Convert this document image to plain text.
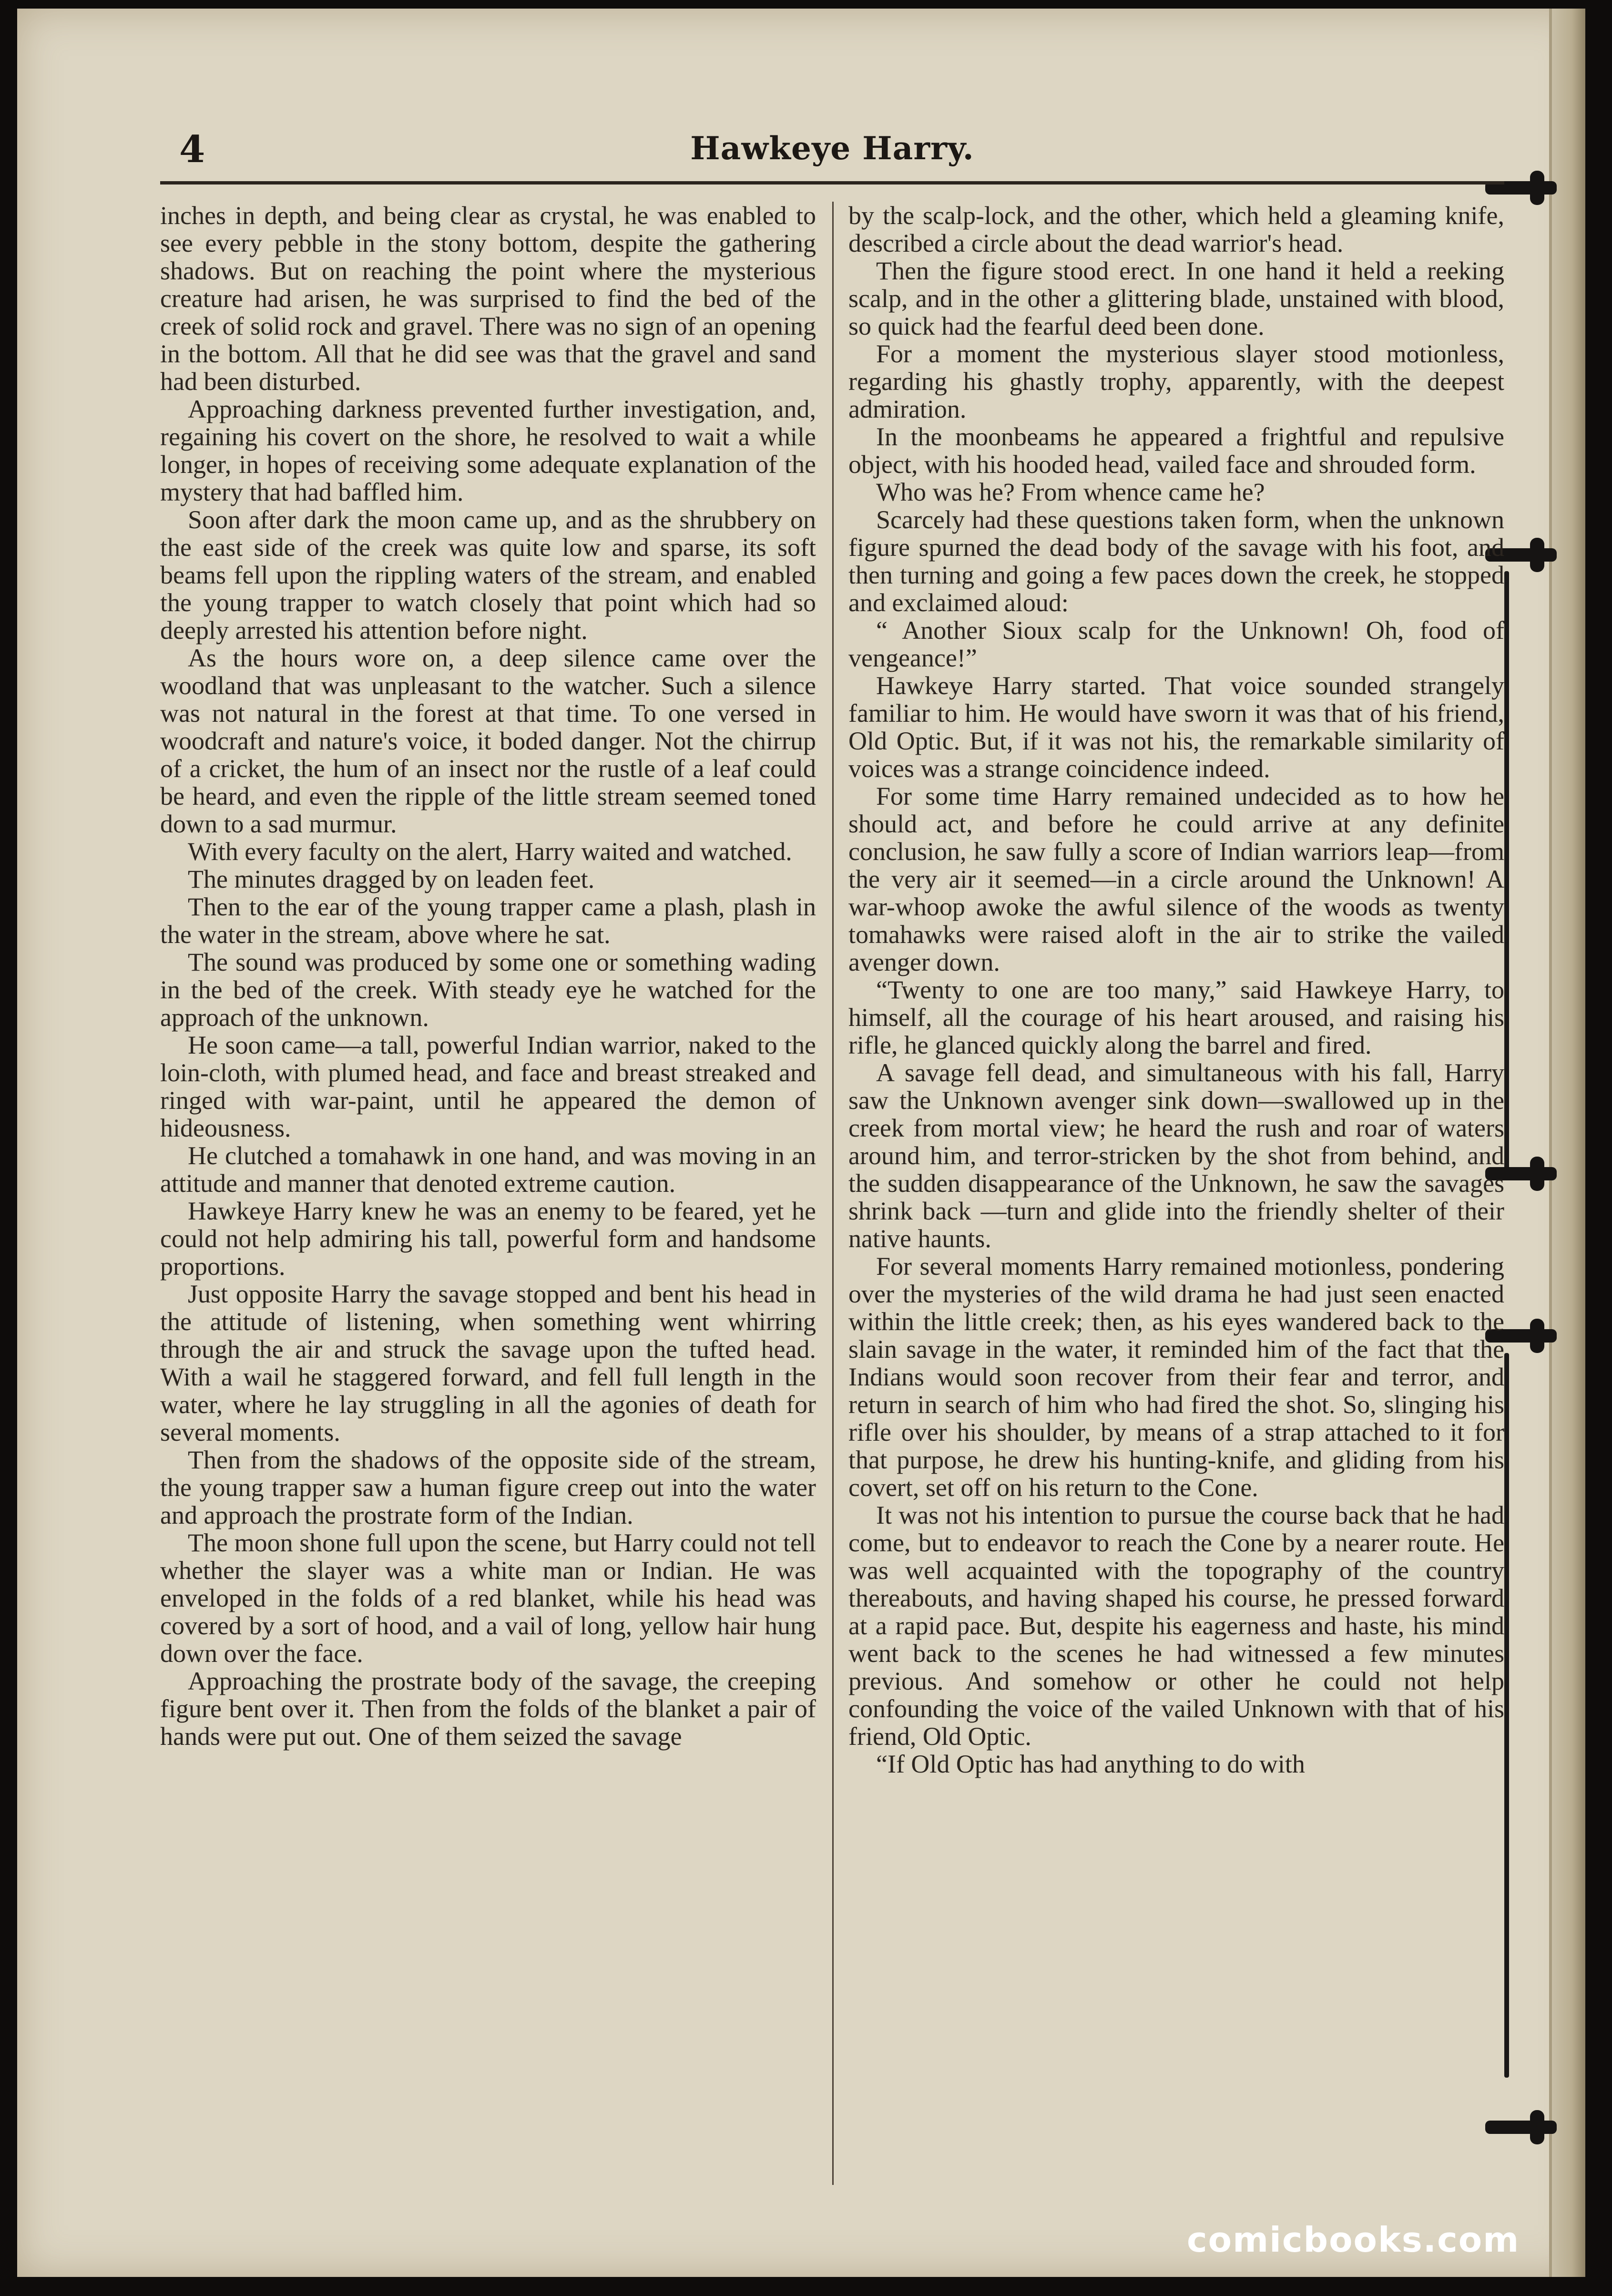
4	Hawkeye Harry.

inches in depth, and being clear as crystal, he was enabled to see every pebble in the stony bottom, despite the gathering shadows. But on reaching the point where the mysterious creature had arisen, he was surprised to find the bed of the creek of solid rock and gravel. There was no sign of an opening in the bottom. All that he did see was that the gravel and sand had been disturbed.

Approaching darkness prevented further investigation, and, regaining his covert on the shore, he resolved to wait a while longer, in hopes of receiving some adequate explanation of the mystery that had baffled him.

Soon after dark the moon came up, and as the shrubbery on the east side of the creek was quite low and sparse, its soft beams fell upon the rippling waters of the stream, and enabled the young trapper to watch closely that point which had so deeply arrested his attention before night.

As the hours wore on, a deep silence came over the woodland that was unpleasant to the watcher. Such a silence was not natural in the forest at that time. To one versed in woodcraft and nature's voice, it boded danger. Not the chirrup of a cricket, the hum of an insect nor the rustle of a leaf could be heard, and even the ripple of the little stream seemed toned down to a sad murmur.

With every faculty on the alert, Harry waited and watched.

The minutes dragged by on leaden feet.

Then to the ear of the young trapper came a plash, plash in the water in the stream, above where he sat.

The sound was produced by some one or something wading in the bed of the creek. With steady eye he watched for the approach of the unknown.

He soon came—a tall, powerful Indian warrior, naked to the loin-cloth, with plumed head, and face and breast streaked and ringed with war-paint, until he appeared the demon of hideousness.

He clutched a tomahawk in one hand, and was moving in an attitude and manner that denoted extreme caution.

Hawkeye Harry knew he was an enemy to be feared, yet he could not help admiring his tall, powerful form and handsome proportions.

Just opposite Harry the savage stopped and bent his head in the attitude of listening, when something went whirring through the air and struck the savage upon the tufted head. With a wail he staggered forward, and fell full length in the water, where he lay struggling in all the agonies of death for several moments.

Then from the shadows of the opposite side of the stream, the young trapper saw a human figure creep out into the water and approach the prostrate form of the Indian.

The moon shone full upon the scene, but Harry could not tell whether the slayer was a white man or Indian. He was enveloped in the folds of a red blanket, while his head was covered by a sort of hood, and a vail of long, yellow hair hung down over the face.

Approaching the prostrate body of the savage, the creeping figure bent over it. Then from the folds of the blanket a pair of hands were put out. One of them seized the savage

by the scalp-lock, and the other, which held a gleaming knife, described a circle about the dead warrior's head.

Then the figure stood erect. In one hand it held a reeking scalp, and in the other a glittering blade, unstained with blood, so quick had the fearful deed been done.

For a moment the mysterious slayer stood motionless, regarding his ghastly trophy, apparently, with the deepest admiration.

In the moonbeams he appeared a frightful and repulsive object, with his hooded head, vailed face and shrouded form.

Who was he? From whence came he?

Scarcely had these questions taken form, when the unknown figure spurned the dead body of the savage with his foot, and then turning and going a few paces down the creek, he stopped and exclaimed aloud:

“ Another Sioux scalp for the Unknown! Oh, food of vengeance!”

Hawkeye Harry started. That voice sounded strangely familiar to him. He would have sworn it was that of his friend, Old Optic. But, if it was not his, the remarkable similarity of voices was a strange coincidence indeed.

For some time Harry remained undecided as to how he should act, and before he could arrive at any definite conclusion, he saw fully a score of Indian warriors leap—from the very air it seemed—in a circle around the Unknown! A war-whoop awoke the awful silence of the woods as twenty tomahawks were raised aloft in the air to strike the vailed avenger down.

“Twenty to one are too many,” said Hawkeye Harry, to himself, all the courage of his heart aroused, and raising his rifle, he glanced quickly along the barrel and fired.

A savage fell dead, and simultaneous with his fall, Harry saw the Unknown avenger sink down—swallowed up in the creek from mortal view; he heard the rush and roar of waters around him, and terror-stricken by the shot from behind, and the sudden disappearance of the Unknown, he saw the savages shrink back —turn and glide into the friendly shelter of their native haunts.

For several moments Harry remained motionless, pondering over the mysteries of the wild drama he had just seen enacted within the little creek; then, as his eyes wandered back to the slain savage in the water, it reminded him of the fact that the Indians would soon recover from their fear and terror, and return in search of him who had fired the shot. So, slinging his rifle over his shoulder, by means of a strap attached to it for that purpose, he drew his hunting-knife, and gliding from his covert, set off on his return to the Cone.

It was not his intention to pursue the course back that he had come, but to endeavor to reach the Cone by a nearer route. He was well acquainted with the topography of the country thereabouts, and having shaped his course, he pressed forward at a rapid pace. But, despite his eagerness and haste, his mind went back to the scenes he had witnessed a few minutes previous. And somehow or other he could not help confounding the voice of the vailed Unknown with that of his friend, Old Optic.

“If Old Optic has had anything to do with

comicbooks.com
